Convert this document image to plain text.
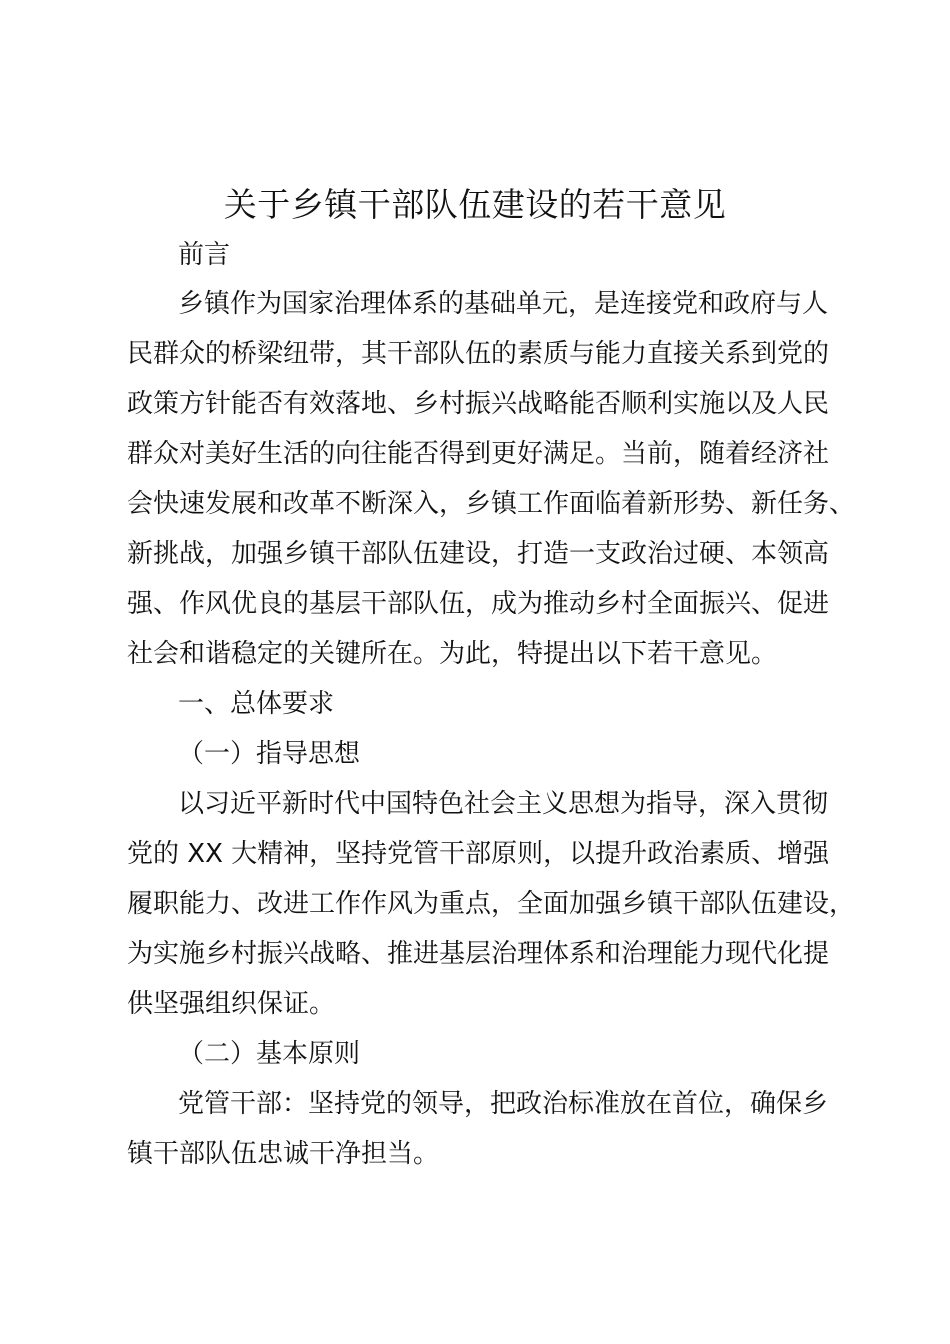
关于乡镇干部队伍建设的若干意见
前言
乡镇作为国家治理体系的基础单元，是连接党和政府与人
民群众的桥梁纽带，其干部队伍的素质与能力直接关系到党的
政策方针能否有效落地、乡村振兴战略能否顺利实施以及人民
群众对美好生活的向往能否得到更好满足。当前，随着经济社
会快速发展和改革不断深入，乡镇工作面临着新形势、新任务、
新挑战，加强乡镇干部队伍建设，打造一支政治过硬、本领高
强、作风优良的基层干部队伍，成为推动乡村全面振兴、促进
社会和谐稳定的关键所在。为此，特提出以下若干意见。
一、总体要求
（一）指导思想
以习近平新时代中国特色社会主义思想为指导，深入贯彻
党的 XX 大精神，坚持党管干部原则，以提升政治素质、增强
履职能力、改进工作作风为重点，全面加强乡镇干部队伍建设，
为实施乡村振兴战略、推进基层治理体系和治理能力现代化提
供坚强组织保证。
（二）基本原则
党管干部：坚持党的领导，把政治标准放在首位，确保乡
镇干部队伍忠诚干净担当。
